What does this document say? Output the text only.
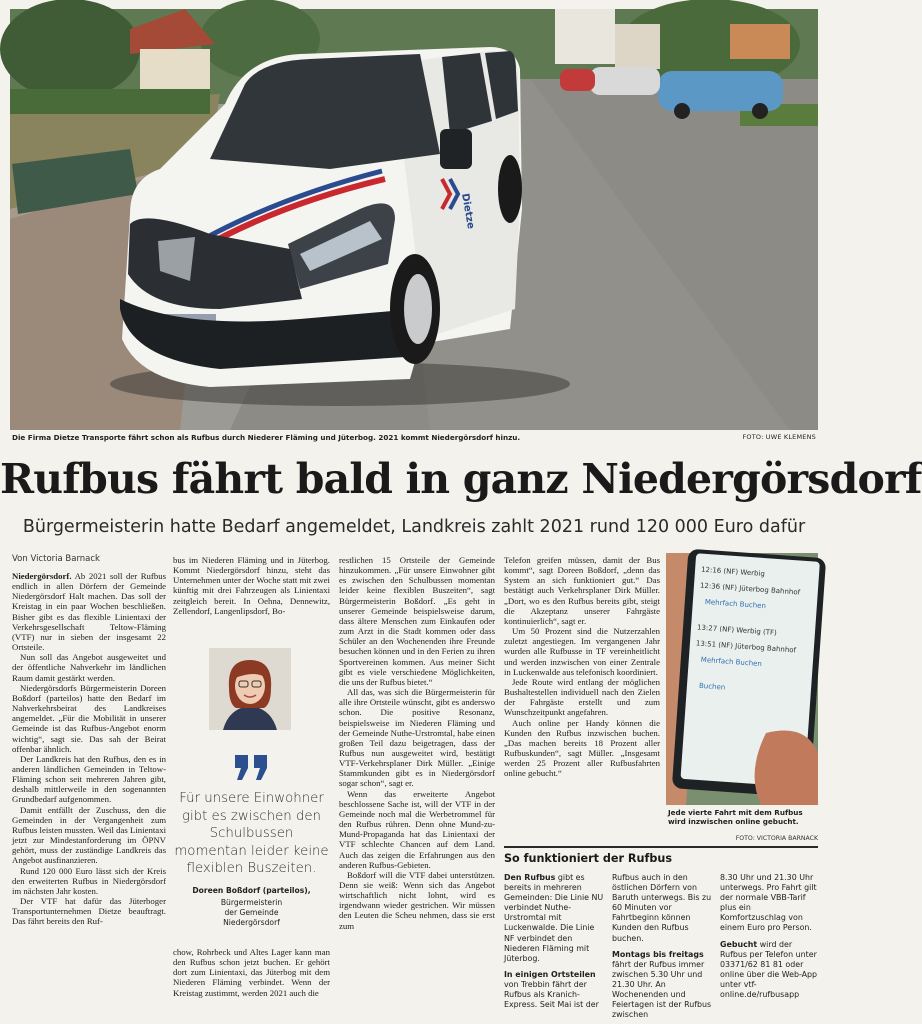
Dietze
Die Firma Dietze Transporte fährt schon als Rufbus durch Niederer Fläming und Jüterbog. 2021 kommt Niedergörsdorf hinzu.	FOTO: UWE KLEMENS
Rufbus fährt bald in ganz Niedergörsdorf
Bürgermeisterin hatte Bedarf angemeldet, Landkreis zahlt 2021 rund 120 000 Euro dafür
Von Victoria Barnack

Niedergörsdorf. Ab 2021 soll der Rufbus endlich in allen Dörfern der Gemeinde Niedergörsdorf Halt machen. Das soll der Kreistag in ein paar Wochen beschließen. Bisher gibt es das flexible Linientaxi der Verkehrsgesellschaft Teltow-Fläming (VTF) nur in sieben der insgesamt 22 Ortsteile.

Nun soll das Angebot ausgeweitet und der öffentliche Nahverkehr im ländlichen Raum damit gestärkt werden.

Niedergörsdorfs Bürgermeisterin Doreen Boßdorf (parteilos) hatte den Bedarf im Nahverkehrsbeirat des Landkreises angemeldet. „Für die Mobilität in unserer Gemeinde ist das Rufbus-Angebot enorm wichtig“, sagt sie. Das sah der Beirat offenbar ähnlich.

Der Landkreis hat den Rufbus, den es in anderen ländlichen Gemeinden in Teltow-Fläming schon seit mehreren Jahren gibt, deshalb mittlerweile in den sogenannten Grundbedarf aufgenommen.

Damit entfällt der Zuschuss, den die Gemeinden in der Vergangenheit zum Rufbus leisten mussten. Weil das Linientaxi jetzt zur Mindestanforderung im ÖPNV gehört, muss der zuständige Landkreis das Angebot ausfinanzieren.

Rund 120 000 Euro lässt sich der Kreis den erweiterten Rufbus in Niedergörsdorf im nächsten Jahr kosten.

Der VTF hat dafür das Jüterboger Transportunternehmen Dietze beauftragt. Das fährt bereits den Ruf-

bus im Niederen Fläming und in Jüterbog. Kommt Niedergörsdorf hinzu, steht das Unternehmen unter der Woche statt mit zwei künftig mit drei Fahrzeugen als Linientaxi zeitgleich bereit. In Oehna, Dennewitz, Zellendorf, Langenlipsdorf, Bo-

Für unsere Einwohner gibt es zwischen den Schulbussen momentan leider keine flexiblen Buszeiten.
Doreen Boßdorf (parteilos),
Bürgermeisterin
der Gemeinde
Niedergörsdorf

chow, Rohrbeck und Altes Lager kann man den Rufbus schon jetzt buchen. Er gehört dort zum Linientaxi, das Jüterbog mit dem Niederen Fläming verbindet. Wenn der Kreistag zustimmt, werden 2021 auch die

restlichen 15 Ortsteile der Gemeinde hinzukommen. „Für unsere Einwohner gibt es zwischen den Schulbussen momentan leider keine flexiblen Buszeiten“, sagt Bürgermeisterin Boßdorf. „Es geht in unserer Gemeinde beispielsweise darum, dass ältere Menschen zum Einkaufen oder zum Arzt in die Stadt kommen oder dass Schüler an den Wochenenden ihre Freunde besuchen können und in den Ferien zu ihren Sportvereinen kommen. Aus meiner Sicht gibt es viele verschiedene Möglichkeiten, die uns der Rufbus bietet.“

All das, was sich die Bürgermeisterin für alle ihre Ortsteile wünscht, gibt es anderswo schon. Die positive Resonanz, beispielsweise im Niederen Fläming und der Gemeinde Nuthe-Urstromtal, habe einen großen Teil dazu beigetragen, dass der Rufbus nun ausgeweitet wird, bestätigt VTF-Verkehrsplaner Dirk Müller. „Einige Stammkunden gibt es in Niedergörsdorf sogar schon“, sagt er.

Wenn das erweiterte Angebot beschlossene Sache ist, will der VTF in der Gemeinde noch mal die Werbetrommel für den Rufbus rühren. Denn ohne Mund-zu-Mund-Propaganda hat das Linientaxi der VTF schlechte Chancen auf dem Land. Auch das zeigen die Erfahrungen aus den anderen Rufbus-Gebieten.

Boßdorf will die VTF dabei unterstützen. Denn sie weiß: Wenn sich das Angebot wirtschaftlich nicht lohnt, wird es irgendwann wieder gestrichen. Wir müssen den Leuten die Scheu nehmen, dass sie erst zum

Telefon greifen müssen, damit der Bus kommt“, sagt Doreen Boßdorf, „denn das System an sich funktioniert gut.“ Das bestätigt auch Verkehrsplaner Dirk Müller. „Dort, wo es den Rufbus bereits gibt, steigt die Akzeptanz unserer Fahrgäste kontinuierlich“, sagt er.

Um 50 Prozent sind die Nutzerzahlen zuletzt angestiegen. Im vergangenen Jahr wurden alle Rufbusse in TF vereinheitlicht und werden inzwischen von einer Zentrale in Luckenwalde aus telefonisch koordiniert.

Jede Route wird entlang der möglichen Bushaltestellen individuell nach den Zielen der Fahrgäste erstellt und zum Wunschzeitpunkt angefahren.

Auch online per Handy können die Kunden den Rufbus inzwischen buchen. „Das machen bereits 18 Prozent aller Rufbuskunden“, sagt Müller. „Insgesamt werden 25 Prozent aller Rufbusfahrten online gebucht.“

12:16 (NF) Werbig
12:36 (NF) Jüterbog Bahnhof
Mehrfach Buchen
13:27 (NF) Werbig (TF)
13:51 (NF) Jüterbog Bahnhof
Mehrfach Buchen
Buchen
Jede vierte Fahrt mit dem Rufbus wird inzwischen online gebucht.
FOTO: VICTORIA BARNACK
So funktioniert der Rufbus
Den Rufbus gibt es bereits in mehreren Gemeinden: Die Linie NU verbindet Nuthe-Urstromtal mit Luckenwalde. Die Linie NF verbindet den Niederen Fläming mit Jüterbog.
In einigen Ortsteilen von Trebbin fährt der Rufbus als Kranich-Express. Seit Mai ist der
Rufbus auch in den östlichen Dörfern von Baruth unterwegs. Bis zu 60 Minuten vor Fahrtbeginn können Kunden den Rufbus buchen.
Montags bis freitags fährt der Rufbus immer zwischen 5.30 Uhr und 21.30 Uhr. An Wochenenden und Feiertagen ist der Rufbus zwischen
8.30 Uhr und 21.30 Uhr unterwegs. Pro Fahrt gilt der normale VBB-Tarif plus ein Komfortzuschlag von einem Euro pro Person.
Gebucht wird der Rufbus per Telefon unter 03371/62 81 81 oder online über die Web-App unter vtf-online.de/rufbusapp
